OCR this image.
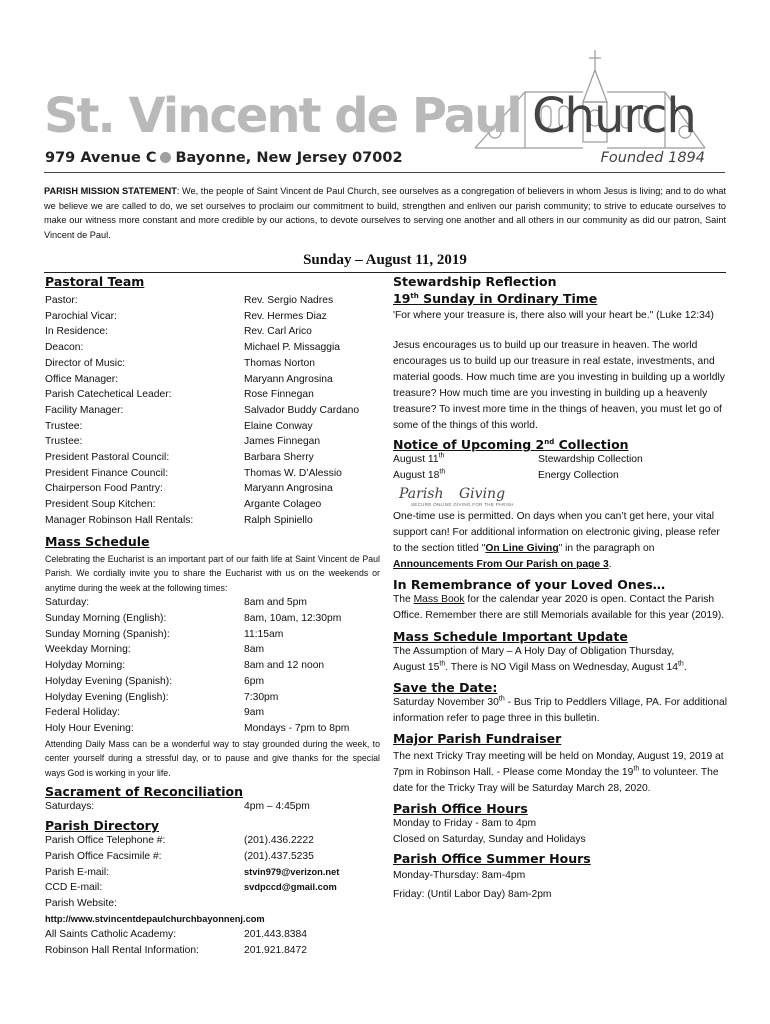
St. Vincent de Paul Church
979 Avenue C Bayonne, New Jersey 07002	Founded 1894
PARISH MISSION STATEMENT: We, the people of Saint Vincent de Paul Church, see ourselves as a congregation of believers in whom Jesus is living; and to do what we believe we are called to do, we set ourselves to proclaim our commitment to build, strengthen and enliven our parish community; to strive to educate ourselves to make our witness more constant and more credible by our actions, to devote ourselves to serving one another and all others in our community as did our patron, Saint Vincent de Paul.
Sunday – August 11, 2019
Pastoral Team
Pastor:	Rev. Sergio Nadres
Parochial Vicar:	Rev. Hermes Diaz
In Residence:	Rev. Carl Arico
Deacon:	Michael P. Missaggia
Director of Music:	Thomas Norton
Office Manager:	Maryann Angrosina
Parish Catechetical Leader:	Rose Finnegan
Facility Manager:	Salvador Buddy Cardano
Trustee:	Elaine Conway
Trustee:	James Finnegan
President Pastoral Council:	Barbara Sherry
President Finance Council:	Thomas W. D’Alessio
Chairperson Food Pantry:	Maryann Angrosina
President Soup Kitchen:	Argante Colageo
Manager Robinson Hall Rentals:	Ralph Spiniello
Mass Schedule
Celebrating the Eucharist is an important part of our faith life at Saint Vincent de Paul Parish. We cordially invite you to share the Eucharist with us on the weekends or anytime during the week at the following times:
Saturday:	8am and 5pm
Sunday Morning (English):	8am, 10am, 12:30pm
Sunday Morning (Spanish):	11:15am
Weekday Morning:	8am
Holyday Morning:	8am and 12 noon
Holyday Evening (Spanish):	6pm
Holyday Evening (English):	7:30pm
Federal Holiday:	9am
Holy Hour Evening:	Mondays - 7pm to 8pm
Attending Daily Mass can be a wonderful way to stay grounded during the week, to center yourself during a stressful day, or to pause and give thanks for the special ways God is working in your life.
Sacrament of Reconciliation
Saturdays:	4pm – 4:45pm
Parish Directory
Parish Office Telephone #:	(201).436.2222
Parish Office Facsimile #:	(201).437.5235
Parish E-mail:	stvin979@verizon.net
CCD E-mail:	svdpccd@gmail.com
Parish Website:
http://www.stvincentdepaulchurchbayonnenj.com
All Saints Catholic Academy:	201.443.8384
Robinson Hall Rental Information:	201.921.8472
Stewardship Reflection
19th Sunday in Ordinary Time
'For where your treasure is, there also will your heart be." (Luke 12:34)
Jesus encourages us to build up our treasure in heaven. The world encourages us to build up our treasure in real estate, investments, and material goods. How much time are you investing in building up a worldly treasure? How much time are you investing in building up a heavenly treasure? To invest more time in the things of heaven, you must let go of some of the things of this world.
Notice of Upcoming 2nd Collection
August 11th	Stewardship Collection
August 18th	Energy Collection
Parish Giving
SECURE ONLINE GIVING FOR THE PARISH
One-time use is permitted. On days when you can’t get here, your vital support can! For additional information on electronic giving, please refer to the section titled "On Line Giving" in the paragraph on Announcements From Our Parish on page 3.
In Remembrance of your Loved Ones…
The Mass Book for the calendar year 2020 is open. Contact the Parish Office. Remember there are still Memorials available for this year (2019).
Mass Schedule Important Update
The Assumption of Mary – A Holy Day of Obligation Thursday,
August 15th. There is NO Vigil Mass on Wednesday, August 14th.
Save the Date:
Saturday November 30th - Bus Trip to Peddlers Village, PA. For additional information refer to page three in this bulletin.
Major Parish Fundraiser
The next Tricky Tray meeting will be held on Monday, August 19, 2019 at 7pm in Robinson Hall. - Please come Monday the 19th to volunteer. The date for the Tricky Tray will be Saturday March 28, 2020.
Parish Office Hours
Monday to Friday - 8am to 4pm
Closed on Saturday, Sunday and Holidays
Parish Office Summer Hours
Monday-Thursday: 8am-4pm
Friday: (Until Labor Day) 8am-2pm
